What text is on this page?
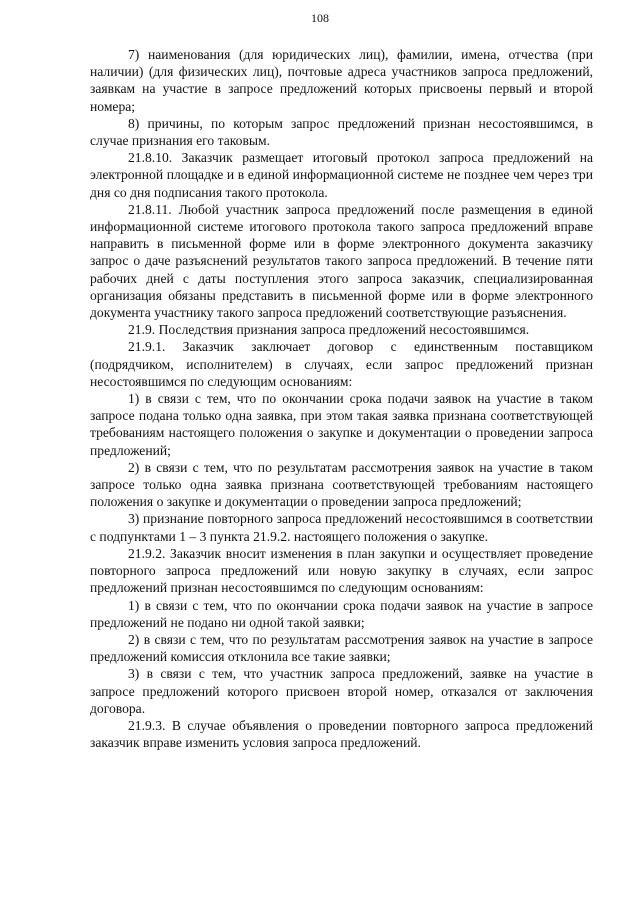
108

7) наименования (для юридических лиц), фамилии, имена, отчества (при наличии) (для физических лиц), почтовые адреса участников запроса предложений, заявкам на участие в запросе предложений которых присвоены первый и второй номера;

8) причины, по которым запрос предложений признан несостоявшимся, в случае признания его таковым.

21.8.10. Заказчик размещает итоговый протокол запроса предложений на электронной площадке и в единой информационной системе не позднее чем через три дня со дня подписания такого протокола.

21.8.11. Любой участник запроса предложений после размещения в единой информационной системе итогового протокола такого запроса предложений вправе направить в письменной форме или в форме электронного документа заказчику запрос о даче разъяснений результатов такого запроса предложений. В течение пяти рабочих дней с даты поступления этого запроса заказчик, специализированная организация обязаны представить в письменной форме или в форме электронного документа участнику такого запроса предложений соответствующие разъяснения.

21.9. Последствия признания запроса предложений несостоявшимся.

21.9.1. Заказчик заключает договор с единственным поставщиком (подрядчиком, исполнителем) в случаях, если запрос предложений признан несостоявшимся по следующим основаниям:

1) в связи с тем, что по окончании срока подачи заявок на участие в таком запросе подана только одна заявка, при этом такая заявка признана соответствующей требованиям настоящего положения о закупке и документации о проведении запроса предложений;

2) в связи с тем, что по результатам рассмотрения заявок на участие в таком запросе только одна заявка признана соответствующей требованиям настоящего положения о закупке и документации о проведении запроса предложений;

3) признание повторного запроса предложений несостоявшимся в соответствии с подпунктами 1 – 3 пункта 21.9.2. настоящего положения о закупке.

21.9.2. Заказчик вносит изменения в план закупки и осуществляет проведение повторного запроса предложений или новую закупку в случаях, если запрос предложений признан несостоявшимся по следующим основаниям:

1) в связи с тем, что по окончании срока подачи заявок на участие в запросе предложений не подано ни одной такой заявки;

2) в связи с тем, что по результатам рассмотрения заявок на участие в запросе предложений комиссия отклонила все такие заявки;

3) в связи с тем, что участник запроса предложений, заявке на участие в запросе предложений которого присвоен второй номер, отказался от заключения договора.

21.9.3. В случае объявления о проведении повторного запроса предложений заказчик вправе изменить условия запроса предложений.
